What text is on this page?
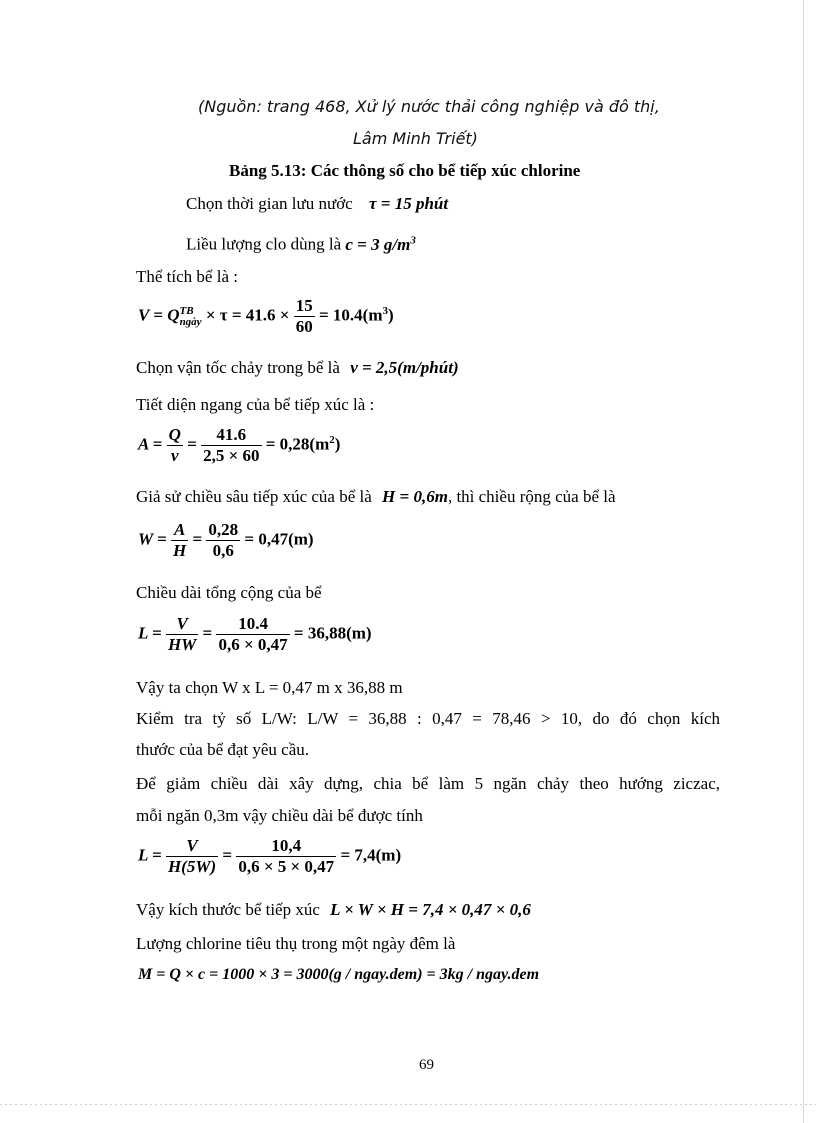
(Nguồn: trang 468, Xử lý nước thải công nghiệp và đô thị,
Lâm Minh Triết)
Bảng 5.13: Các thông số cho bể tiếp xúc chlorine
Chọn thời gian lưu nước τ = 15 phút
Liều lượng clo dùng là c = 3 $g/m^3$
Thể tích bể là :
$V = Q^{TB}_{ngày} \times \tau = 41.6 \times \frac{15}{60} = 10.4(m^3)$
Chọn vận tốc chảy trong bể là v = 2,5(m/phút)
Tiết diện ngang của bể tiếp xúc là :
$A = \frac{Q}{v} = \frac{41.6}{2,5 \times 60} = 0,28(m^2)$
Giả sử chiều sâu tiếp xúc của bể là H = 0,6m, thì chiều rộng của bể là
$W = \frac{A}{H} = \frac{0,28}{0,6} = 0,47(m)$
Chiều dài tổng cộng của bể
$L = \frac{V}{HW} = \frac{10.4}{0,6 \times 0,47} = 36,88(m)$
Vậy ta chọn W x L = 0,47 m x 36,88 m
Kiểm tra tỷ số L/W: L/W = 36,88 : 0,47 = 78,46 > 10, do đó chọn kích
thước của bể đạt yêu cầu.
Để giảm chiều dài xây dựng, chia bể làm 5 ngăn chảy theo hướng ziczac,
mỗi ngăn 0,3m vậy chiều dài bể được tính
$L = \frac{V}{H(5W)} = \frac{10,4}{0,6 \times 5 \times 0,47} = 7,4(m)$
Vậy kích thước bể tiếp xúc L × W × H = 7,4 × 0,47 × 0,6
Lượng chlorine tiêu thụ trong một ngày đêm là
M = Q × c = 1000 × 3 = 3000(g / ngay.dem) = 3kg / ngay.dem
69
